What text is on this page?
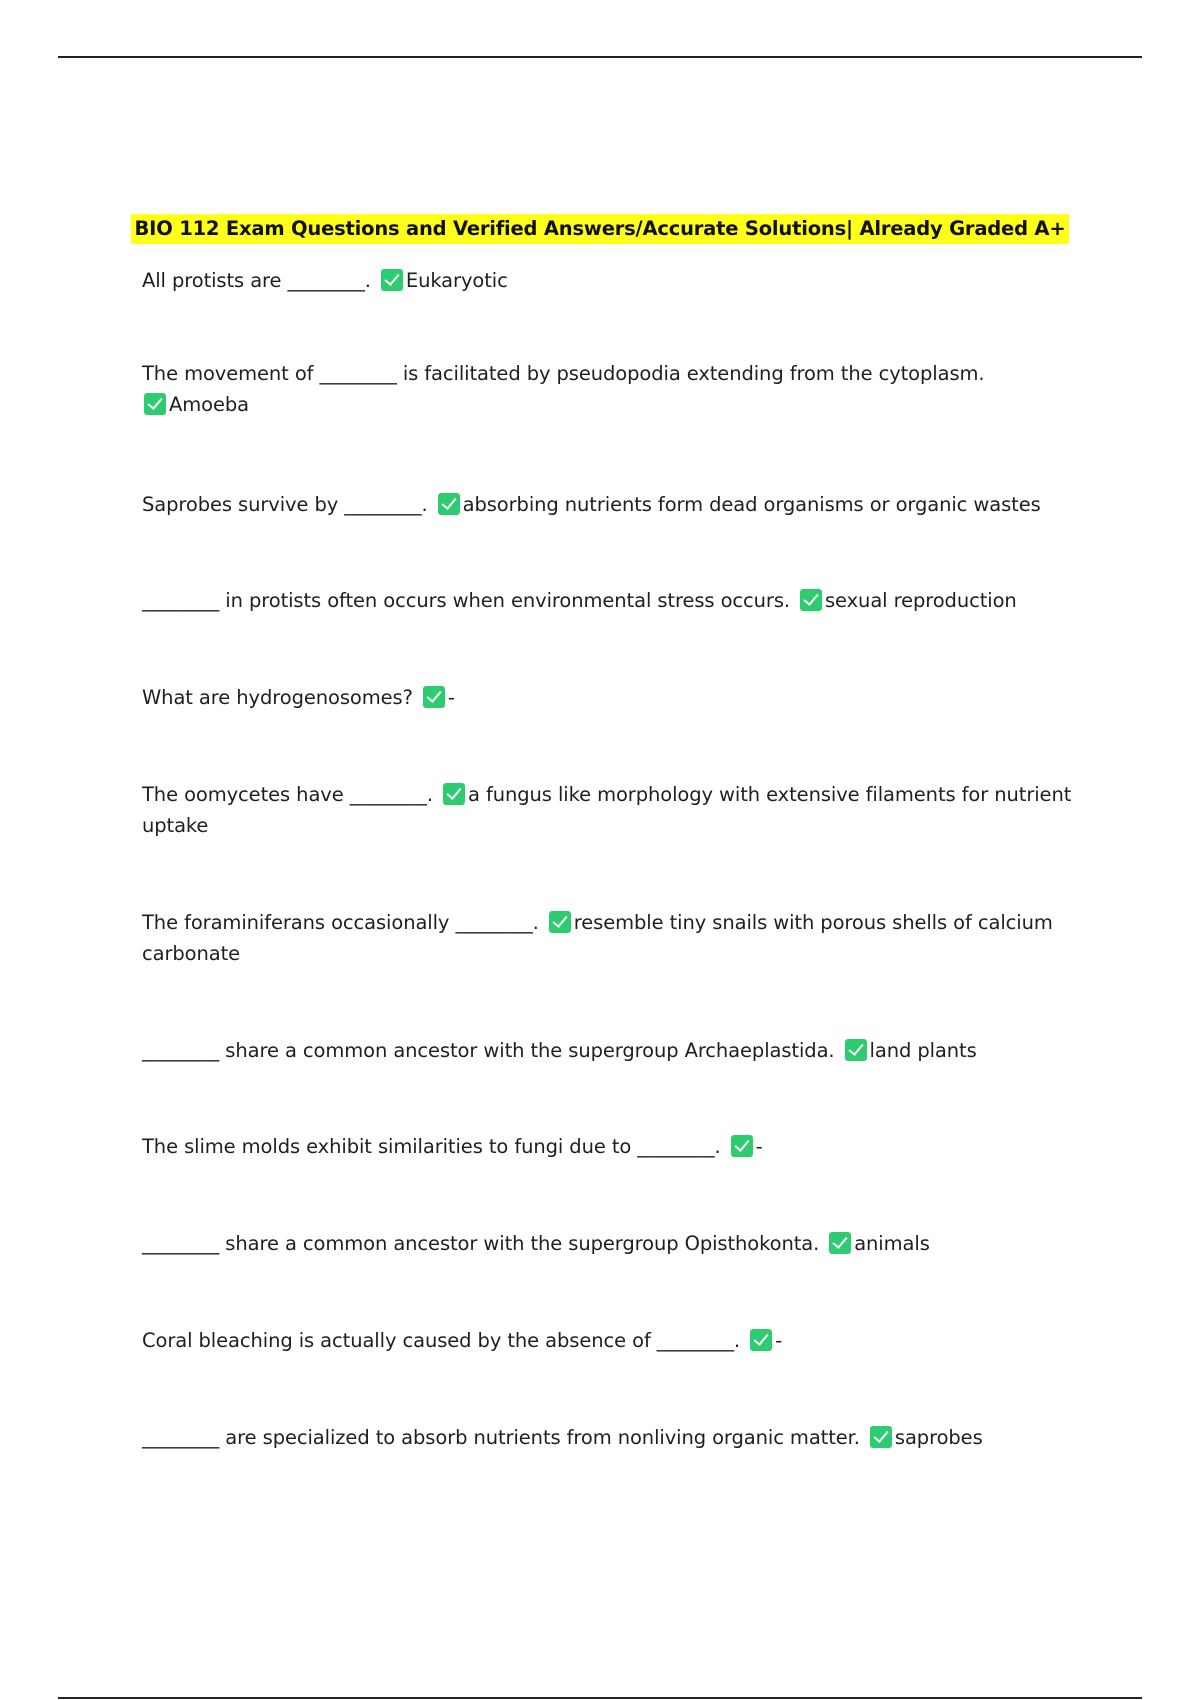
BIO 112 Exam Questions and Verified Answers/Accurate Solutions| Already Graded A+
All protists are ________. Eukaryotic
The movement of ________ is facilitated by pseudopodia extending from the cytoplasm.
Amoeba
Saprobes survive by ________. absorbing nutrients form dead organisms or organic wastes
________ in protists often occurs when environmental stress occurs. sexual reproduction
What are hydrogenosomes? -
The oomycetes have ________. a fungus like morphology with extensive filaments for nutrient uptake
The foraminiferans occasionally ________. resemble tiny snails with porous shells of calcium carbonate
________ share a common ancestor with the supergroup Archaeplastida. land plants
The slime molds exhibit similarities to fungi due to ________. -
________ share a common ancestor with the supergroup Opisthokonta. animals
Coral bleaching is actually caused by the absence of ________. -
________ are specialized to absorb nutrients from nonliving organic matter. saprobes
